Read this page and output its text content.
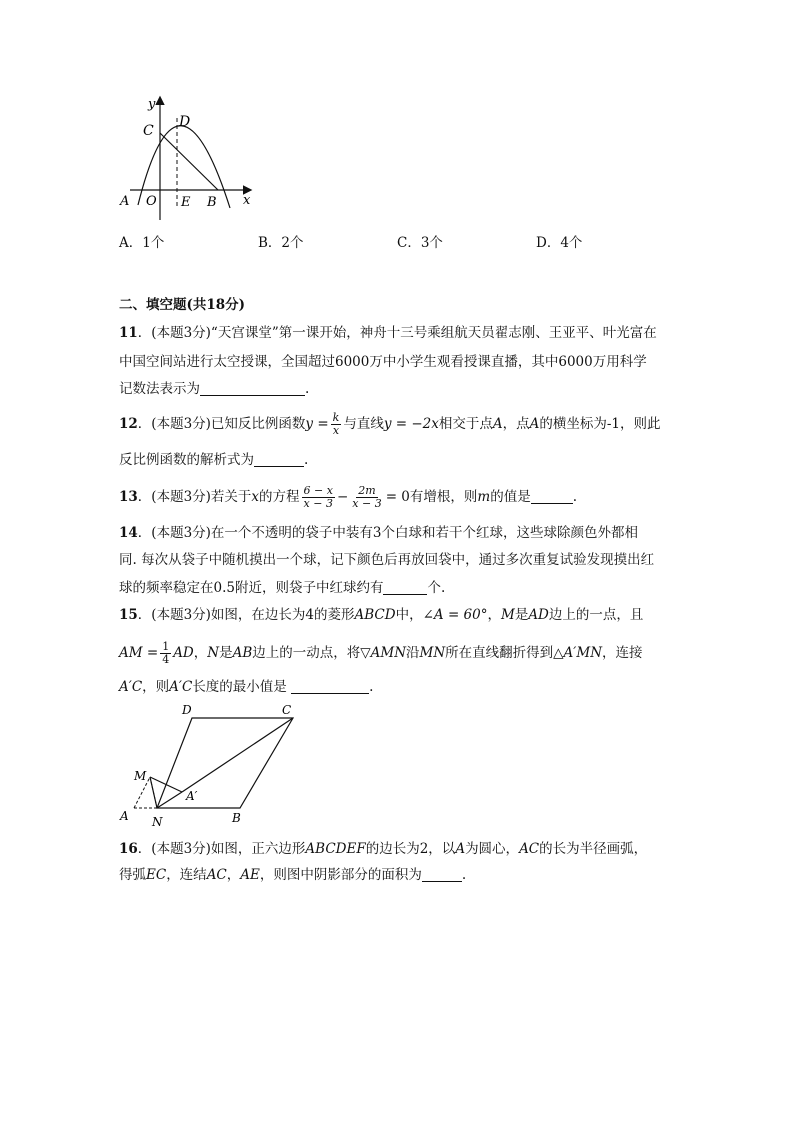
y
D
C
A O E B x
A．1个	B．2个	C．3个	D．4个
二、填空题(共18分)
11．(本题3分)“天宫课堂”第一课开始，神舟十三号乘组航天员翟志刚、王亚平、叶光富在
中国空间站进行太空授课，全国超过6000万中小学生观看授课直播，其中6000万用科学
记数法表示为	.
12．(本题3分)已知反比例函数$y = \frac{k}{x}$ 与直线y = −2x相交于点A，点A的横坐标为-1，则此
反比例函数的解析式为	.
13．(本题3分)若关于x的方程 $\frac{6 - x}{x - 3} - \frac{2m}{x - 3} = 0$有增根，则m的值是	.
14．(本题3分)在一个不透明的袋子中装有3个白球和若干个红球，这些球除颜色外都相
同. 每次从袋子中随机摸出一个球，记下颜色后再放回袋中，通过多次重复试验发现摸出红
球的频率稳定在0.5附近，则袋子中红球约有	个.
15．(本题3分)如图，在边长为4的菱形ABCD中，∠A = 60°，M是AD边上的一点，且
AM = $\frac{1}{4}$ AD，N是AB边上的一动点，将▽AMN沿MN所在直线翻折得到△A′MN，连接
A′C，则A′C长度的最小值是	.
D	C
M
A′
A N	B
16．(本题3分)如图，正六边形ABCDEF的边长为2，以A为圆心，AC的长为半径画弧，
得弧EC，连结AC，AE，则图中阴影部分的面积为	.
